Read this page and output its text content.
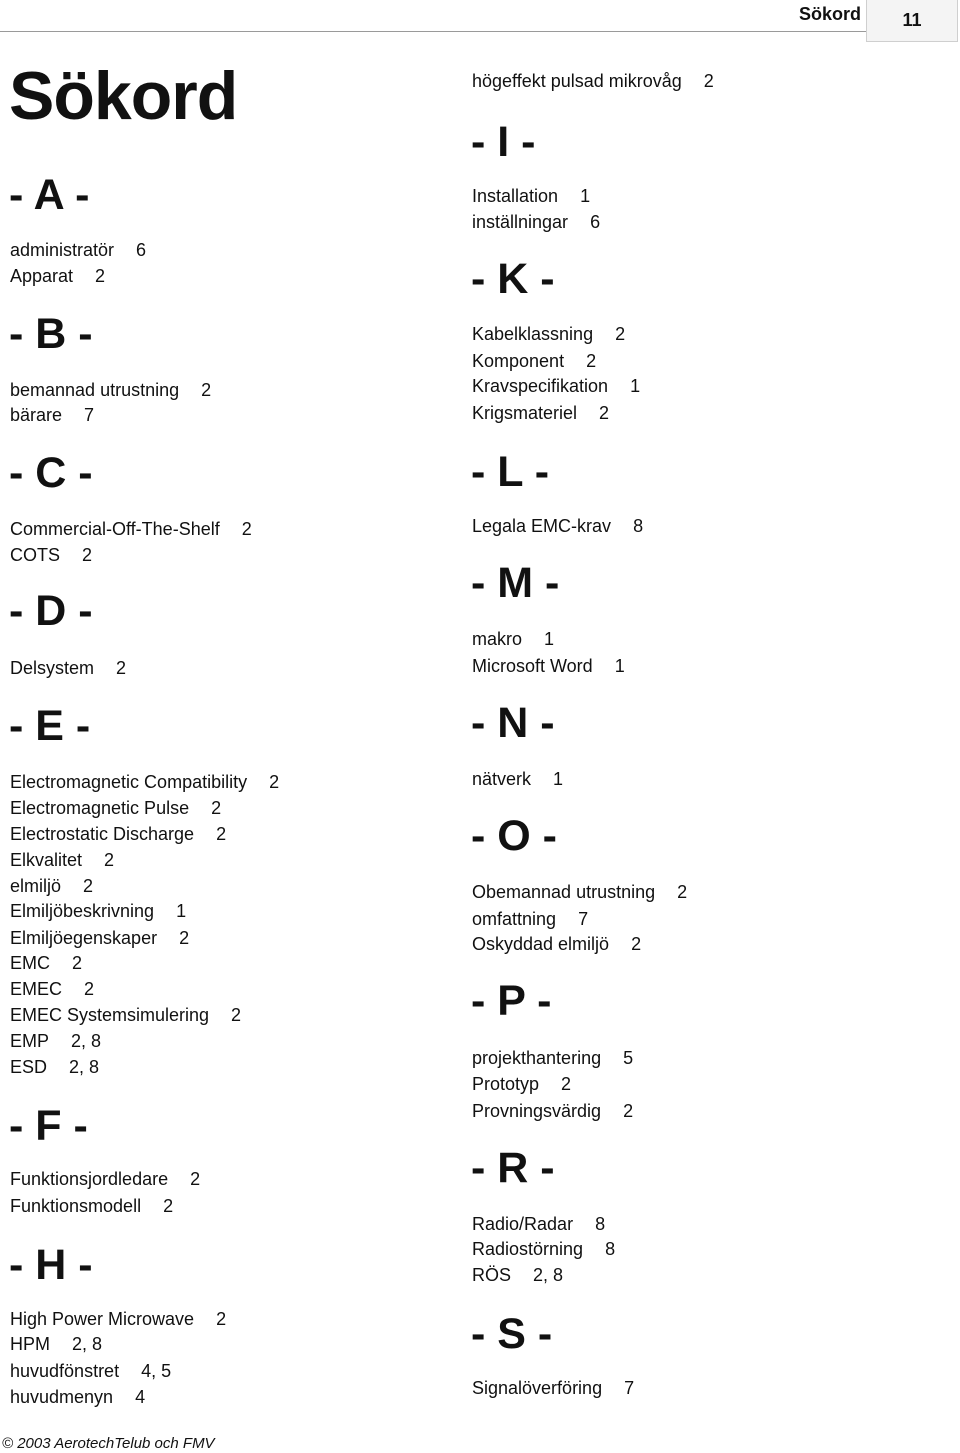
Sökord	11
Sökord
- A -
administratör 6
Apparat 2
- B -
bemannad utrustning 2
bärare 7
- C -
Commercial-Off-The-Shelf 2
COTS 2
- D -
Delsystem 2
- E -
Electromagnetic Compatibility 2
Electromagnetic Pulse 2
Electrostatic Discharge 2
Elkvalitet 2
elmiljö 2
Elmiljöbeskrivning 1
Elmiljöegenskaper 2
EMC 2
EMEC 2
EMEC Systemsimulering 2
EMP 2, 8
ESD 2, 8
- F -
Funktionsjordledare 2
Funktionsmodell 2
- H -
High Power Microwave 2
HPM 2, 8
huvudfönstret 4, 5
huvudmenyn 4
högeffekt pulsad mikrovåg 2
- I -
Installation 1
inställningar 6
- K -
Kabelklassning 2
Komponent 2
Kravspecifikation 1
Krigsmateriel 2
- L -
Legala EMC-krav 8
- M -
makro 1
Microsoft Word 1
- N -
nätverk 1
- O -
Obemannad utrustning 2
omfattning 7
Oskyddad elmiljö 2
- P -
projekthantering 5
Prototyp 2
Provningsvärdig 2
- R -
Radio/Radar 8
Radiostörning 8
RÖS 2, 8
- S -
Signalöverföring 7
© 2003 AerotechTelub och FMV
